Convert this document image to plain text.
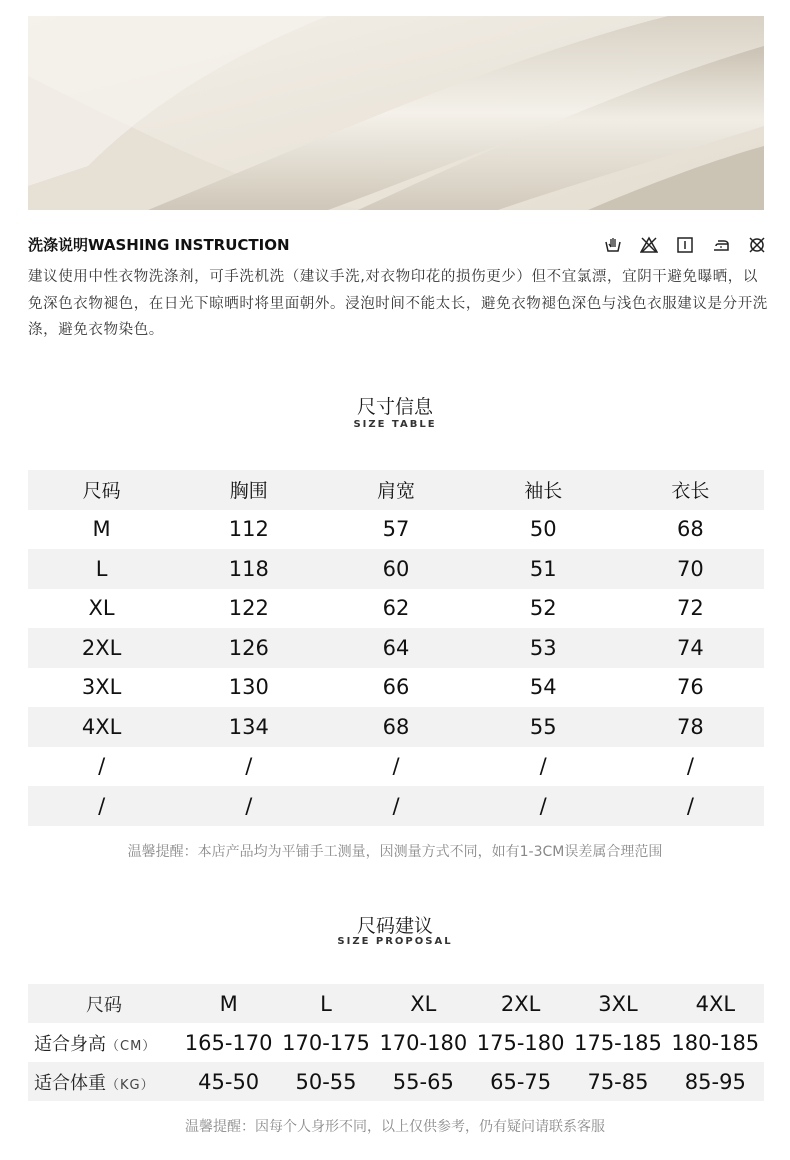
洗涤说明WASHING INSTRUCTION
建议使用中性衣物洗涤剂，可手洗机洗（建议手洗,对衣物印花的损伤更少）但不宜氯漂，宜阴干避免曝晒，以免深色衣物褪色，在日光下晾晒时将里面朝外。浸泡时间不能太长，避免衣物褪色深色与浅色衣服建议是分开洗涤，避免衣物染色。
尺寸信息
SIZE TABLE
尺码	胸围	肩宽	袖长	衣长
M	112	57	50	68
L	118	60	51	70
XL	122	62	52	72
2XL	126	64	53	74
3XL	130	66	54	76
4XL	134	68	55	78
/	/	/	/	/
/	/	/	/	/
温馨提醒：本店产品均为平铺手工测量，因测量方式不同，如有1-3CM误差属合理范围
尺码建议
SIZE PROPOSAL
尺码	M	L	XL	2XL	3XL	4XL
适合身高（CM）	165-170 170-175 170-180 175-180 175-185 180-185
适合体重（KG）	45-50	50-55	55-65	65-75	75-85	85-95
温馨提醒：因每个人身形不同，以上仅供参考，仍有疑问请联系客服
